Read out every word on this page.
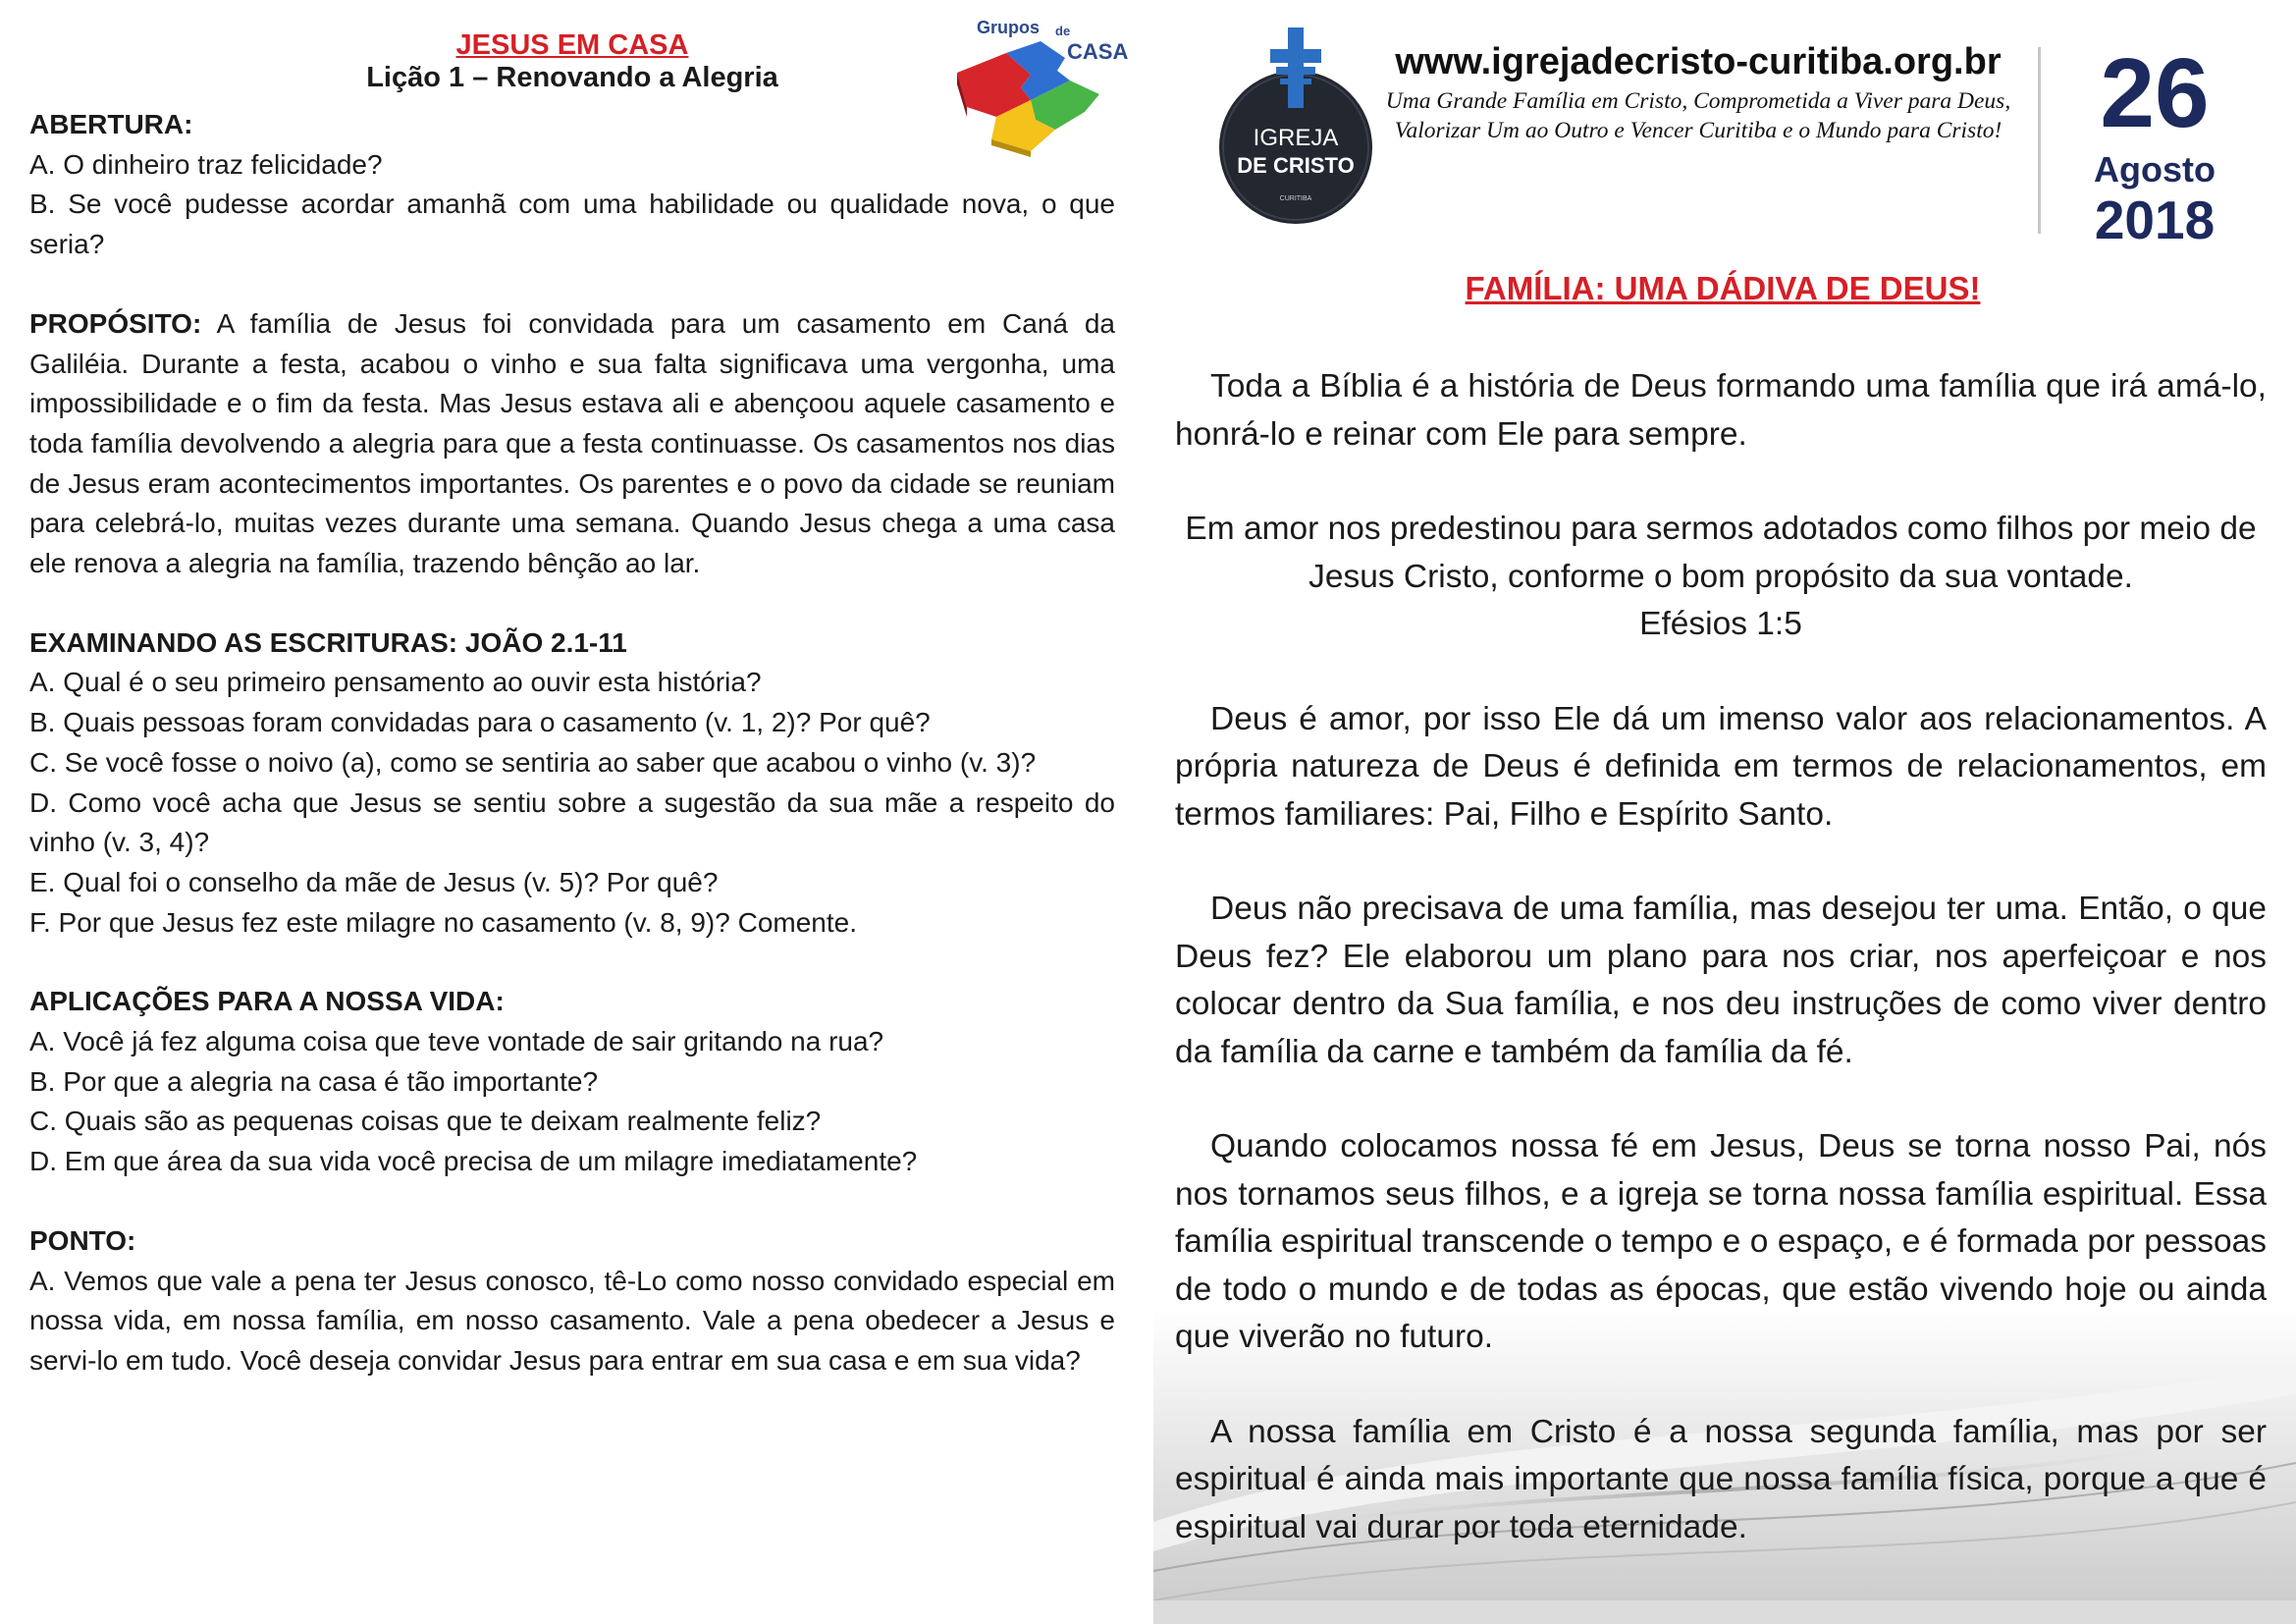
JESUS EM CASA
Lição 1 – Renovando a Alegria
Grupos de
CASA

ABERTURA:

A. O dinheiro traz felicidade?

B. Se você pudesse acordar amanhã com uma habilidade ou qualidade nova, o que seria?

PROPÓSITO: A família de Jesus foi convidada para um casamento em Caná da Galiléia. Durante a festa, acabou o vinho e sua falta significava uma vergonha, uma impossibilidade e o fim da festa. Mas Jesus estava ali e abençoou aquele casamento e toda família devolvendo a alegria para que a festa continuasse. Os casamentos nos dias de Jesus eram acontecimentos importantes. Os parentes e o povo da cidade se reuniam para celebrá-lo, muitas vezes durante uma semana. Quando Jesus chega a uma casa ele renova a alegria na família, trazendo bênção ao lar.

EXAMINANDO AS ESCRITURAS: JOÃO 2.1-11

A. Qual é o seu primeiro pensamento ao ouvir esta história?

B. Quais pessoas foram convidadas para o casamento (v. 1, 2)? Por quê?

C. Se você fosse o noivo (a), como se sentiria ao saber que acabou o vinho (v. 3)?

D. Como você acha que Jesus se sentiu sobre a sugestão da sua mãe a respeito do vinho (v. 3, 4)?

E. Qual foi o conselho da mãe de Jesus (v. 5)? Por quê?

F. Por que Jesus fez este milagre no casamento (v. 8, 9)? Comente.

APLICAÇÕES PARA A NOSSA VIDA:

A. Você já fez alguma coisa que teve vontade de sair gritando na rua?

B. Por que a alegria na casa é tão importante?

C. Quais são as pequenas coisas que te deixam realmente feliz?

D. Em que área da sua vida você precisa de um milagre imediatamente?

PONTO:

A. Vemos que vale a pena ter Jesus conosco, tê-Lo como nosso convidado especial em nossa vida, em nossa família, em nosso casamento. Vale a pena obedecer a Jesus e servi-lo em tudo. Você deseja convidar Jesus para entrar em sua casa e em sua vida?

IGREJA
DE CRISTO
CURITIBA
www.igrejadecristo-curitiba.org.br
Uma Grande Família em Cristo, Comprometida a Viver para Deus,
Valorizar Um ao Outro e Vencer Curitiba e o Mundo para Cristo!	26
Agosto
2018
FAMÍLIA: UMA DÁDIVA DE DEUS!

Toda a Bíblia é a história de Deus formando uma família que irá amá-lo, honrá-lo e reinar com Ele para sempre.

Em amor nos predestinou para sermos adotados como filhos por meio de Jesus Cristo, conforme o bom propósito da sua vontade.

Efésios 1:5

Deus é amor, por isso Ele dá um imenso valor aos relacionamentos. A própria natureza de Deus é definida em termos de relacionamentos, em termos familiares: Pai, Filho e Espírito Santo.

Deus não precisava de uma família, mas desejou ter uma. Então, o que Deus fez? Ele elaborou um plano para nos criar, nos aperfeiçoar e nos colocar dentro da Sua família, e nos deu instruções de como viver dentro da família da carne e também da família da fé.

Quando colocamos nossa fé em Jesus, Deus se torna nosso Pai, nós nos tornamos seus filhos, e a igreja se torna nossa família espiritual. Essa família espiritual transcende o tempo e o espaço, e é formada por pessoas de todo o mundo e de todas as épocas, que estão vivendo hoje ou ainda que viverão no futuro.

A nossa família em Cristo é a nossa segunda família, mas por ser espiritual é ainda mais importante que nossa família física, porque a que é espiritual vai durar por toda eternidade.
